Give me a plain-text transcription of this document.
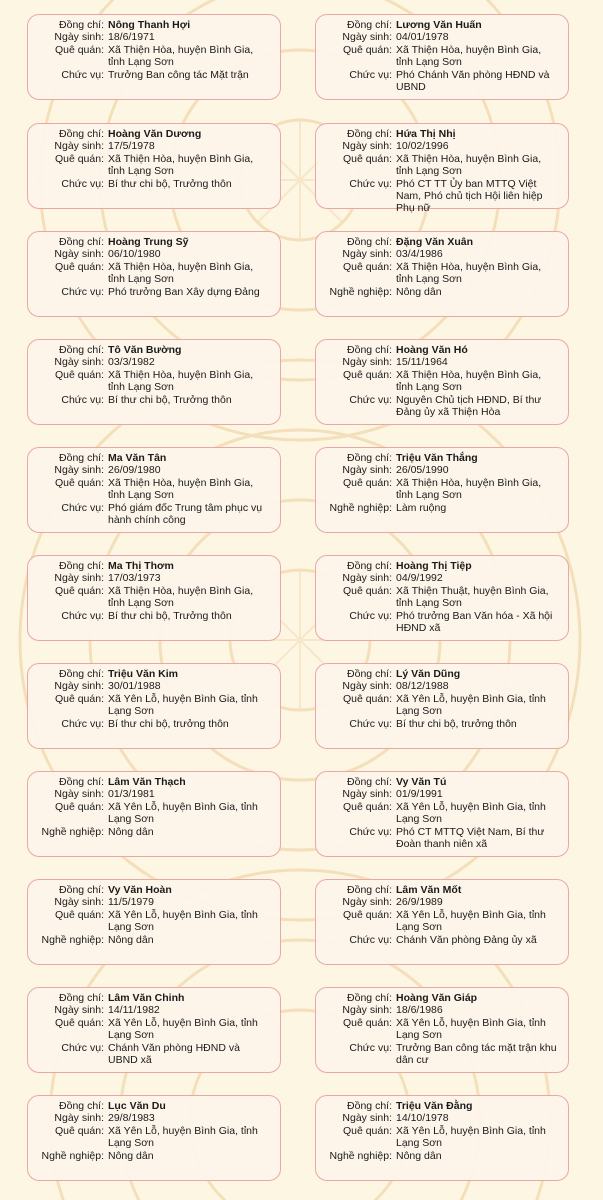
Đồng chí: Nông Thanh Hợi
Ngày sinh: 18/6/1971
Quê quán: Xã Thiện Hòa, huyện Bình Gia, tỉnh Lạng Sơn
Chức vụ: Trưởng Ban công tác Mặt trận
Đồng chí: Hoàng Văn Dương
Ngày sinh: 17/5/1978
Quê quán: Xã Thiện Hòa, huyện Bình Gia, tỉnh Lạng Sơn
Chức vụ: Bí thư chi bộ, Trưởng thôn
Đồng chí: Hoàng Trung Sỹ
Ngày sinh: 06/10/1980
Quê quán: Xã Thiện Hòa, huyện Bình Gia, tỉnh Lạng Sơn
Chức vụ: Phó trưởng Ban Xây dựng Đảng
Đồng chí: Tô Văn Bường
Ngày sinh: 03/3/1982
Quê quán: Xã Thiện Hòa, huyện Bình Gia, tỉnh Lạng Sơn
Chức vụ: Bí thư chi bộ, Trưởng thôn
Đồng chí: Ma Văn Tân
Ngày sinh: 26/09/1980
Quê quán: Xã Thiện Hòa, huyện Bình Gia, tỉnh Lạng Sơn
Chức vụ: Phó giám đốc Trung tâm phục vụ hành chính công
Đồng chí: Ma Thị Thơm
Ngày sinh: 17/03/1973
Quê quán: Xã Thiện Hòa, huyện Bình Gia, tỉnh Lạng Sơn
Chức vụ: Bí thư chi bộ, Trưởng thôn
Đồng chí: Triệu Văn Kim
Ngày sinh: 30/01/1988
Quê quán: Xã Yên Lỗ, huyện Bình Gia, tỉnh Lạng Sơn
Chức vụ: Bí thư chi bộ, trưởng thôn
Đồng chí: Lâm Văn Thạch
Ngày sinh: 01/3/1981
Quê quán: Xã Yên Lỗ, huyện Bình Gia, tỉnh Lạng Sơn
Nghề nghiệp: Nông dân
Đồng chí: Vy Văn Hoàn
Ngày sinh: 11/5/1979
Quê quán: Xã Yên Lỗ, huyện Bình Gia, tỉnh Lạng Sơn
Nghề nghiệp: Nông dân
Đồng chí: Lâm Văn Chinh
Ngày sinh: 14/11/1982
Quê quán: Xã Yên Lỗ, huyện Bình Gia, tỉnh Lạng Sơn
Chức vụ: Chánh Văn phòng HĐND và UBND xã
Đồng chí: Lục Văn Du
Ngày sinh: 29/8/1983
Quê quán: Xã Yên Lỗ, huyện Bình Gia, tỉnh Lạng Sơn
Nghề nghiệp: Nông dân
Đồng chí: Lương Văn Huấn
Ngày sinh: 04/01/1978
Quê quán: Xã Thiện Hòa, huyện Bình Gia, tỉnh Lạng Sơn
Chức vụ: Phó Chánh Văn phòng HĐND và UBND
Đồng chí: Hứa Thị Nhị
Ngày sinh: 10/02/1996
Quê quán: Xã Thiện Hòa, huyện Bình Gia, tỉnh Lạng Sơn
Chức vụ: Phó CT TT Ủy ban MTTQ Việt Nam, Phó chủ tịch Hội liên hiệp Phụ nữ
Đồng chí: Đặng Văn Xuân
Ngày sinh: 03/4/1986
Quê quán: Xã Thiện Hòa, huyện Bình Gia, tỉnh Lạng Sơn
Nghề nghiệp: Nông dân
Đồng chí: Hoàng Văn Hó
Ngày sinh: 15/11/1964
Quê quán: Xã Thiện Hòa, huyện Bình Gia, tỉnh Lạng Sơn
Chức vụ: Nguyên Chủ tịch HĐND, Bí thư Đảng ủy xã Thiện Hòa
Đồng chí: Triệu Văn Thắng
Ngày sinh: 26/05/1990
Quê quán: Xã Thiện Hòa, huyện Bình Gia, tỉnh Lạng Sơn
Nghề nghiệp: Làm ruộng
Đồng chí: Hoàng Thị Tiệp
Ngày sinh: 04/9/1992
Quê quán: Xã Thiện Thuật, huyện Bình Gia, tỉnh Lạng Sơn
Chức vụ: Phó trưởng Ban Văn hóa - Xã hội HĐND xã
Đồng chí: Lý Văn Dũng
Ngày sinh: 08/12/1988
Quê quán: Xã Yên Lỗ, huyện Bình Gia, tỉnh Lạng Sơn
Chức vụ: Bí thư chi bộ, trưởng thôn
Đồng chí: Vy Văn Tú
Ngày sinh: 01/9/1991
Quê quán: Xã Yên Lỗ, huyện Bình Gia, tỉnh Lạng Sơn
Chức vụ: Phó CT MTTQ Việt Nam, Bí thư Đoàn thanh niên xã
Đồng chí: Lâm Văn Mốt
Ngày sinh: 26/9/1989
Quê quán: Xã Yên Lỗ, huyện Bình Gia, tỉnh Lạng Sơn
Chức vụ: Chánh Văn phòng Đảng ủy xã
Đồng chí: Hoàng Văn Giáp
Ngày sinh: 18/6/1986
Quê quán: Xã Yên Lỗ, huyện Bình Gia, tỉnh Lạng Sơn
Chức vụ: Trưởng Ban công tác mặt trận khu dân cư
Đồng chí: Triệu Văn Đằng
Ngày sinh: 14/10/1978
Quê quán: Xã Yên Lỗ, huyện Bình Gia, tỉnh Lạng Sơn
Nghề nghiệp: Nông dân
